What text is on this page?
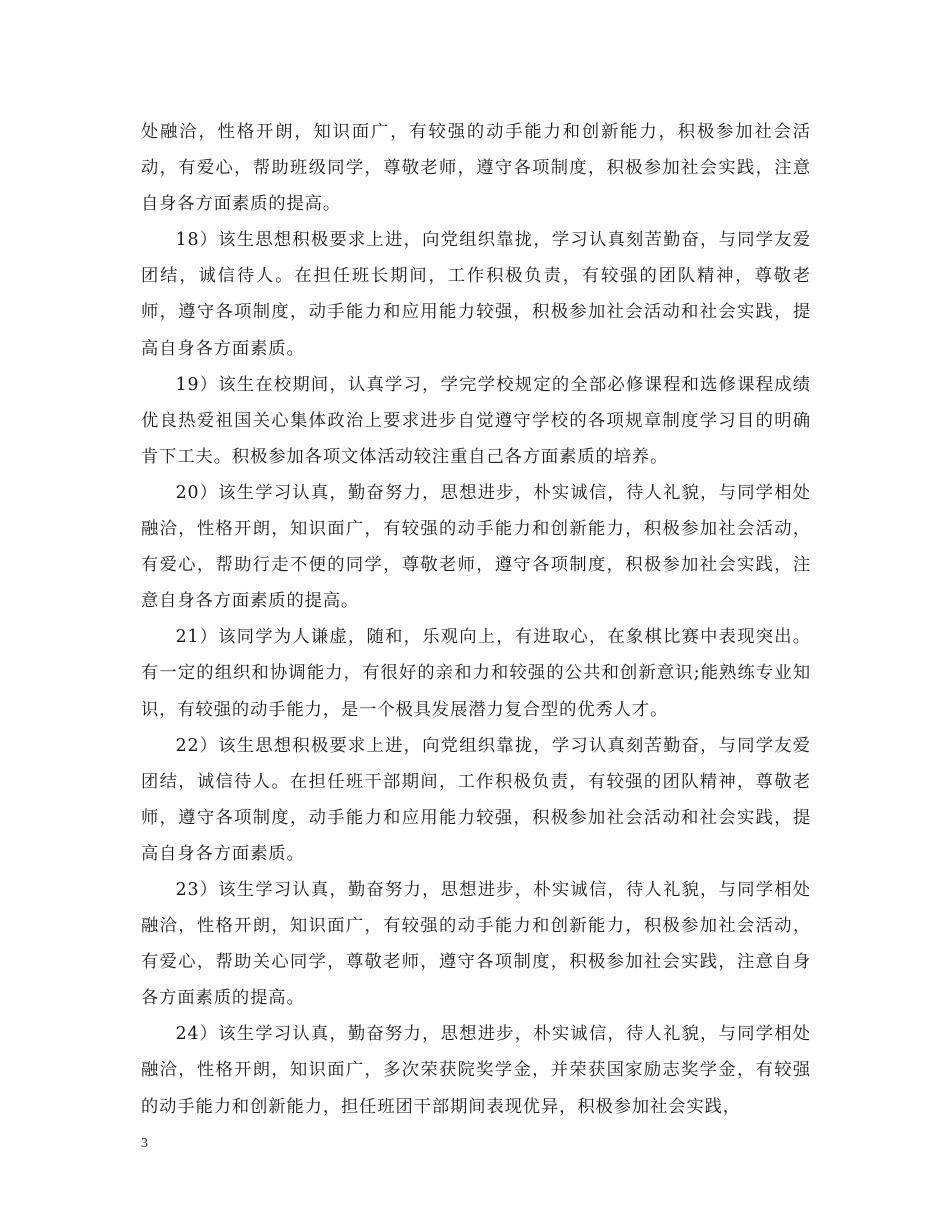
处融洽，性格开朗，知识面广，有较强的动手能力和创新能力，积极参加社会活动，有爱心，帮助班级同学，尊敬老师，遵守各项制度，积极参加社会实践，注意自身各方面素质的提高。

18）该生思想积极要求上进，向党组织靠拢，学习认真刻苦勤奋，与同学友爱团结，诚信待人。在担任班长期间，工作积极负责，有较强的团队精神，尊敬老师，遵守各项制度，动手能力和应用能力较强，积极参加社会活动和社会实践，提高自身各方面素质。

19）该生在校期间，认真学习，学完学校规定的全部必修课程和选修课程成绩优良热爱祖国关心集体政治上要求进步自觉遵守学校的各项规章制度学习目的明确肯下工夫。积极参加各项文体活动较注重自己各方面素质的培养。

20）该生学习认真，勤奋努力，思想进步，朴实诚信，待人礼貌，与同学相处融洽，性格开朗，知识面广，有较强的动手能力和创新能力，积极参加社会活动，有爱心，帮助行走不便的同学，尊敬老师，遵守各项制度，积极参加社会实践，注意自身各方面素质的提高。

21）该同学为人谦虚，随和，乐观向上，有进取心，在象棋比赛中表现突出。有一定的组织和协调能力，有很好的亲和力和较强的公共和创新意识;能熟练专业知识，有较强的动手能力，是一个极具发展潜力复合型的优秀人才。

22）该生思想积极要求上进，向党组织靠拢，学习认真刻苦勤奋，与同学友爱团结，诚信待人。在担任班干部期间，工作积极负责，有较强的团队精神，尊敬老师，遵守各项制度，动手能力和应用能力较强，积极参加社会活动和社会实践，提高自身各方面素质。

23）该生学习认真，勤奋努力，思想进步，朴实诚信，待人礼貌，与同学相处融洽，性格开朗，知识面广，有较强的动手能力和创新能力，积极参加社会活动，有爱心，帮助关心同学，尊敬老师，遵守各项制度，积极参加社会实践，注意自身各方面素质的提高。

24）该生学习认真，勤奋努力，思想进步，朴实诚信，待人礼貌，与同学相处融洽，性格开朗，知识面广，多次荣获院奖学金，并荣获国家励志奖学金，有较强的动手能力和创新能力，担任班团干部期间表现优异，积极参加社会实践，

3
